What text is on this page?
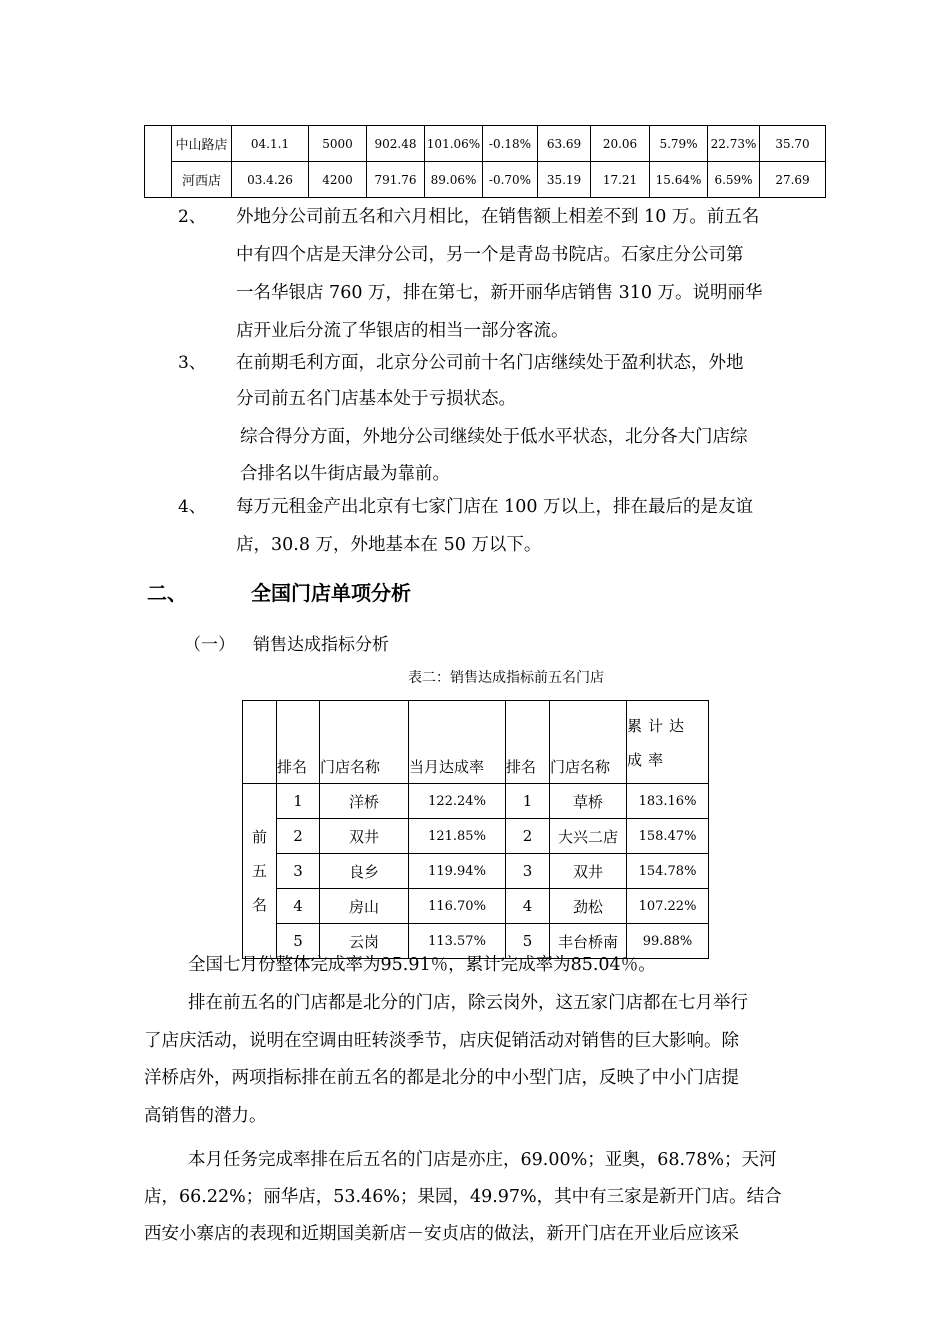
	中山路店	04.1.1	5000	902.48	101.06%	-0.18%	63.69	20.06	5.79%	22.73%	35.70
	河西店	03.4.26	4200	791.76	89.06%	-0.70%	35.19	17.21	15.64%	6.59%	27.69
2、 外地分公司前五名和六月相比，在销售额上相差不到 10 万。前五名
中有四个店是天津分公司，另一个是青岛书院店。石家庄分公司第
一名华银店 760 万，排在第七，新开丽华店销售 310 万。说明丽华
店开业后分流了华银店的相当一部分客流。
3、 在前期毛利方面，北京分公司前十名门店继续处于盈利状态，外地
分司前五名门店基本处于亏损状态。
综合得分方面，外地分公司继续处于低水平状态，北分各大门店综
合排名以牛街店最为靠前。
4、 每万元租金产出北京有七家门店在 100 万以上，排在最后的是友谊
店，30.8 万，外地基本在 50 万以下。
二、	全国门店单项分析
（一） 销售达成指标分析
表二：销售达成指标前五名门店
	排名	门店名称	当月达成率	排名	门店名称	累计达成率

前
五
名	1	洋桥	122.24%	1	草桥	183.16%
	2	双井	121.85%	2	大兴二店	158.47%
	3	良乡	119.94%	3	双井	154.78%
	4	房山	116.70%	4	劲松	107.22%
	5	云岗	113.57%	5	丰台桥南	99.88%
全国七月份整体完成率为95.91％，累计完成率为85.04％。
排在前五名的门店都是北分的门店，除云岗外，这五家门店都在七月举行
了店庆活动，说明在空调由旺转淡季节，店庆促销活动对销售的巨大影响。除
洋桥店外，两项指标排在前五名的都是北分的中小型门店，反映了中小门店提
高销售的潜力。
本月任务完成率排在后五名的门店是亦庄，69.00%；亚奥，68.78%；天河
店，66.22%；丽华店，53.46%；果园，49.97%，其中有三家是新开门店。结合
西安小寨店的表现和近期国美新店－安贞店的做法，新开门店在开业后应该采
